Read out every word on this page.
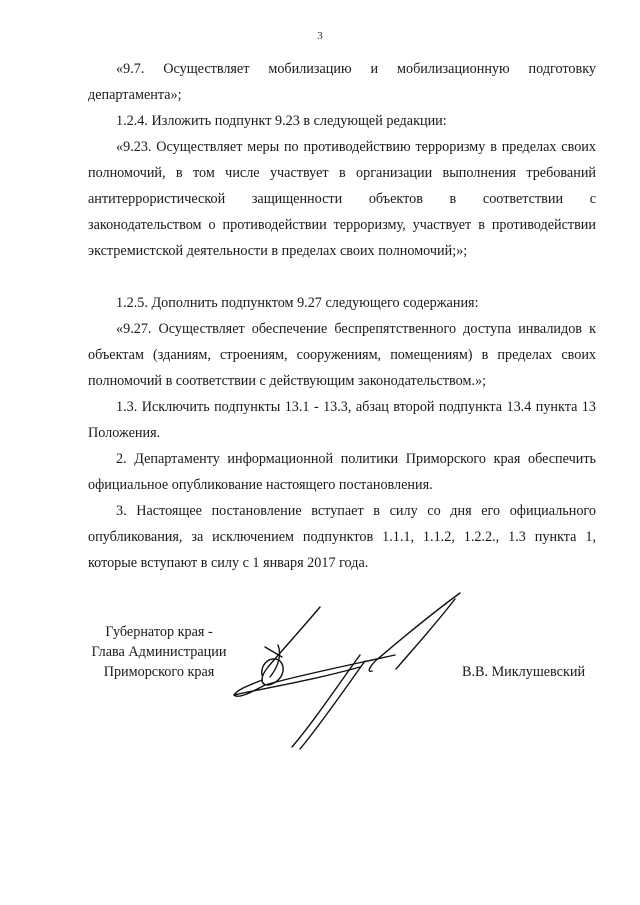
3

«9.7. Осуществляет мобилизацию и мобилизационную подготовку департамента»;

1.2.4. Изложить подпункт 9.23 в следующей редакции:

«9.23. Осуществляет меры по противодействию терроризму в пределах своих полномочий, в том числе участвует в организации выполнения требований антитеррористической защищенности объектов в соответствии с законодательством о противодействии терроризму, участвует в противодействии экстремистской деятельности в пределах своих полномочий;»;

1.2.5. Дополнить подпунктом 9.27 следующего содержания:

«9.27. Осуществляет обеспечение беспрепятственного доступа инвалидов к объектам (зданиям, строениям, сооружениям, помещениям) в пределах своих полномочий в соответствии с действующим законодательством.»;

1.3. Исключить подпункты 13.1 - 13.3, абзац второй подпункта 13.4 пункта 13 Положения.

2. Департаменту информационной политики Приморского края обеспечить официальное опубликование настоящего постановления.

3. Настоящее постановление вступает в силу со дня его официального опубликования, за исключением подпунктов 1.1.1, 1.1.2, 1.2.2., 1.3 пункта 1, которые вступают в силу с 1 января 2017 года.

Губернатор края -
Глава Администрации
Приморского края	В.В. Миклушевский
